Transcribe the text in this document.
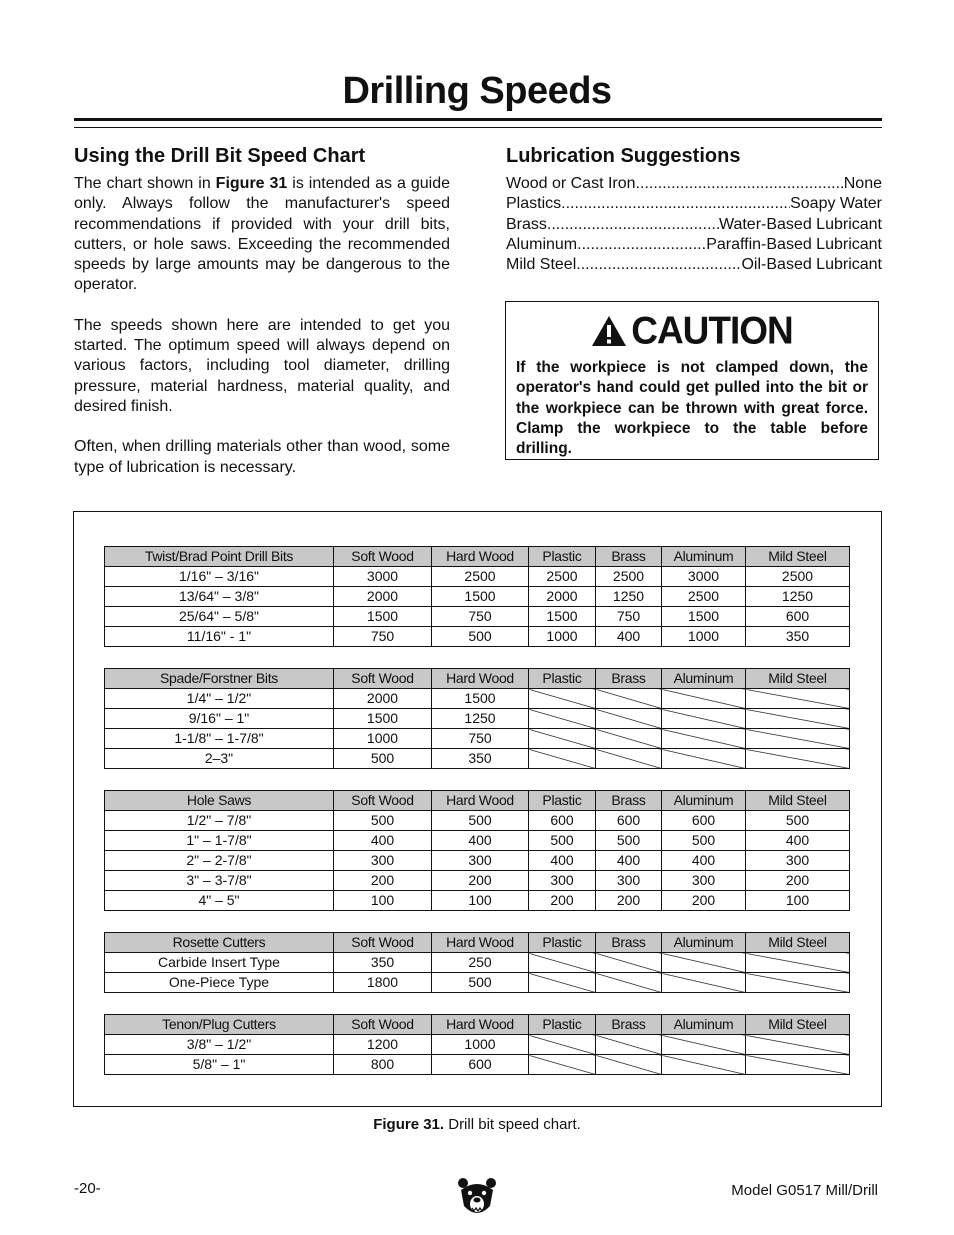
Drilling Speeds
Using the Drill Bit Speed Chart

The chart shown in Figure 31 is intended as a guide only. Always follow the manufacturer's speed recommendations if provided with your drill bits, cutters, or hole saws. Exceeding the recommended speeds by large amounts may be dangerous to the operator.

The speeds shown here are intended to get you started. The optimum speed will always depend on various factors, including tool diameter, drilling pressure, material hardness, material quality, and desired finish.

Often, when drilling materials other than wood, some type of lubrication is necessary.

Lubrication Suggestions
Wood or Cast Iron .....	None
Plastics .....	Soapy Water
Brass .....	Water-Based Lubricant
Aluminum .....	Paraffin-Based Lubricant
Mild Steel .....	Oil-Based Lubricant
CAUTION
If the workpiece is not clamped down, the operator's hand could get pulled into the bit or the workpiece can be thrown with great force. Clamp the workpiece to the table before drilling.
Twist/Brad Point Drill Bits	Soft Wood	Hard Wood	Plastic	Brass	Aluminum	Mild Steel
1/16" – 3/16"	3000	2500	2500	2500	3000	2500
13/64" – 3/8"	2000	1500	2000	1250	2500	1250
25/64" – 5/8"	1500	750	1500	750	1500	600
11/16" - 1"	750	500	1000	400	1000	350
Spade/Forstner Bits	Soft Wood	Hard Wood	Plastic	Brass	Aluminum	Mild Steel
1/4" – 1/2"	2000	1500				
9/16" – 1"	1500	1250				
1-1/8" – 1-7/8"	1000	750				
2–3"	500	350				
Hole Saws	Soft Wood	Hard Wood	Plastic	Brass	Aluminum	Mild Steel
1/2" – 7/8"	500	500	600	600	600	500
1" – 1-7/8"	400	400	500	500	500	400
2" – 2-7/8"	300	300	400	400	400	300
3" – 3-7/8"	200	200	300	300	300	200
4" – 5"	100	100	200	200	200	100
Rosette Cutters	Soft Wood	Hard Wood	Plastic	Brass	Aluminum	Mild Steel
Carbide Insert Type	350	250				
One-Piece Type	1800	500				
Tenon/Plug Cutters	Soft Wood	Hard Wood	Plastic	Brass	Aluminum	Mild Steel
3/8" – 1/2"	1200	1000				
5/8" – 1"	800	600				
Figure 31. Drill bit speed chart.
-20-	Model G0517 Mill/Drill
